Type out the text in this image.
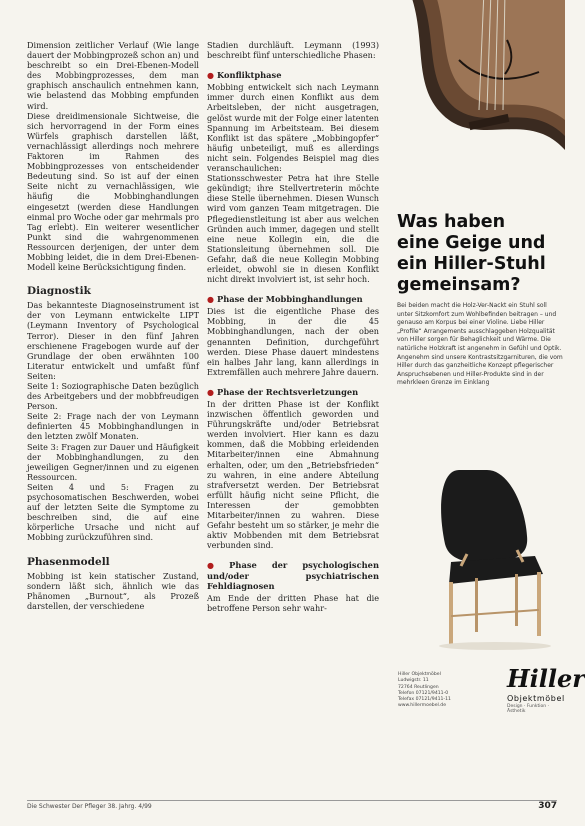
Dimension zeitlicher Verlauf (Wie lange dauert der Mobbingprozeß schon an) und beschreibt so ein Drei-Ebenen-Modell des Mobbingprozesses, dem man graphisch anschaulich entnehmen kann, wie belastend das Mobbing empfunden wird.

Diese dreidimensionale Sichtweise, die sich hervorragend in der Form eines Würfels graphisch darstellen läßt, vernachlässigt allerdings noch mehrere Faktoren im Rahmen des Mobbingprozesses von entscheidender Bedeutung sind. So ist auf der einen Seite nicht zu vernachlässigen, wie häufig die Mobbinghandlungen eingesetzt (werden diese Handlungen einmal pro Woche oder gar mehrmals pro Tag erlebt). Ein weiterer wesentlicher Punkt sind die wahrgenommenen Ressourcen derjenigen, der unter dem Mobbing leidet, die in dem Drei-Ebenen-Modell keine Berücksichtigung finden.

Diagnostik

Das bekannteste Diagnoseinstrument ist der von Leymann entwickelte LIPT (Leymann Inventory of Psychological Terror). Dieser in den fünf Jahren erschienene Fragebogen wurde auf der Grundlage der oben erwähnten 100 Literatur entwickelt und umfaßt fünf Seiten:

Seite 1: Soziographische Daten bezüglich des Arbeitgebers und der mobbfreudigen Person.

Seite 2: Frage nach der von Leymann definierten 45 Mobbinghandlungen in den letzten zwölf Monaten.

Seite 3: Fragen zur Dauer und Häufigkeit der Mobbinghandlungen, zu den jeweiligen Gegner/innen und zu eigenen Ressourcen.

Seiten 4 und 5: Fragen zu psychosomatischen Beschwerden, wobei auf der letzten Seite die Symptome zu beschreiben sind, die auf eine körperliche Ursache und nicht auf Mobbing zurückzuführen sind.

Phasenmodell

Mobbing ist kein statischer Zustand, sondern läßt sich, ähnlich wie das Phänomen „Burnout“, als Prozeß darstellen, der verschiedene

Stadien durchläuft. Leymann (1993) beschreibt fünf unterschiedliche Phasen:

● Konfliktphase

Mobbing entwickelt sich nach Leymann immer durch einen Konflikt aus dem Arbeitsleben, der nicht ausgetragen, gelöst wurde mit der Folge einer latenten Spannung im Arbeitsteam. Bei diesem Konflikt ist das spätere „Mobbingopfer“ häufig unbeteiligt, muß es allerdings nicht sein. Folgendes Beispiel mag dies veranschaulichen:

Stationsschwester Petra hat ihre Stelle gekündigt; ihre Stellvertreterin möchte diese Stelle übernehmen. Diesen Wunsch wird vom ganzen Team mitgetragen. Die Pflegedienstleitung ist aber aus welchen Gründen auch immer, dagegen und stellt eine neue Kollegin ein, die die Stationsleitung übernehmen soll. Die Gefahr, daß die neue Kollegin Mobbing erleidet, obwohl sie in diesen Konflikt nicht direkt involviert ist, ist sehr hoch.

● Phase der Mobbinghandlungen

Dies ist die eigentliche Phase des Mobbing, in der die 45 Mobbinghandlungen, nach der oben genannten Definition, durchgeführt werden. Diese Phase dauert mindestens ein halbes Jahr lang, kann allerdings in Extremfällen auch mehrere Jahre dauern.

● Phase der Rechtsverletzungen

In der dritten Phase ist der Konflikt inzwischen öffentlich geworden und Führungskräfte und/oder Betriebsrat werden involviert. Hier kann es dazu kommen, daß die Mobbing erleidenden Mitarbeiter/innen eine Abmahnung erhalten, oder, um den „Betriebsfrieden“ zu wahren, in eine andere Abteilung strafversetzt werden. Der Betriebsrat erfüllt häufig nicht seine Pflicht, die Interessen der gemobbten Mitarbeiter/innen zu wahren. Diese Gefahr besteht um so stärker, je mehr die aktiv Mobbenden mit dem Betriebsrat verbunden sind.

● Phase der psychologischen und/oder psychiatrischen Fehldiagnosen

Am Ende der dritten Phase hat die betroffene Person sehr wahr-

Was haben
eine Geige und
ein Hiller-Stuhl
gemeinsam?
Bei beiden macht die Holz-Ver-Nackt ein Stuhl soll unter Sitzkomfort zum Wohlbefinden beitragen – und genauso am Korpus bei einer Violine. Liebe Hiller „Profile“ Arrangements ausschlaggeben Holzqualität von Hiller sorgen für Behaglichkeit und Wärme. Die natürliche Holzkraft ist angenehm in Gefühl und Optik. Angenehm sind unsere Kontrastsitzgarnituren, die vom Hiller durch das ganzheitliche Konzept pflegerischer Anspruchsebenen und Hiller-Produkte sind in der mehrkleen Grenze im Einklang
Hiller Objektmöbel
Ludwigstr. 11
72764 Reutlingen
Telefon 07121/9411-0
Telefax 07121/9411-11
www.hillermoebel.de
Hiller
Objektmöbel
Design · Funktion · Ästhetik
Die Schwester Der Pfleger 38. Jahrg. 4/99	307
